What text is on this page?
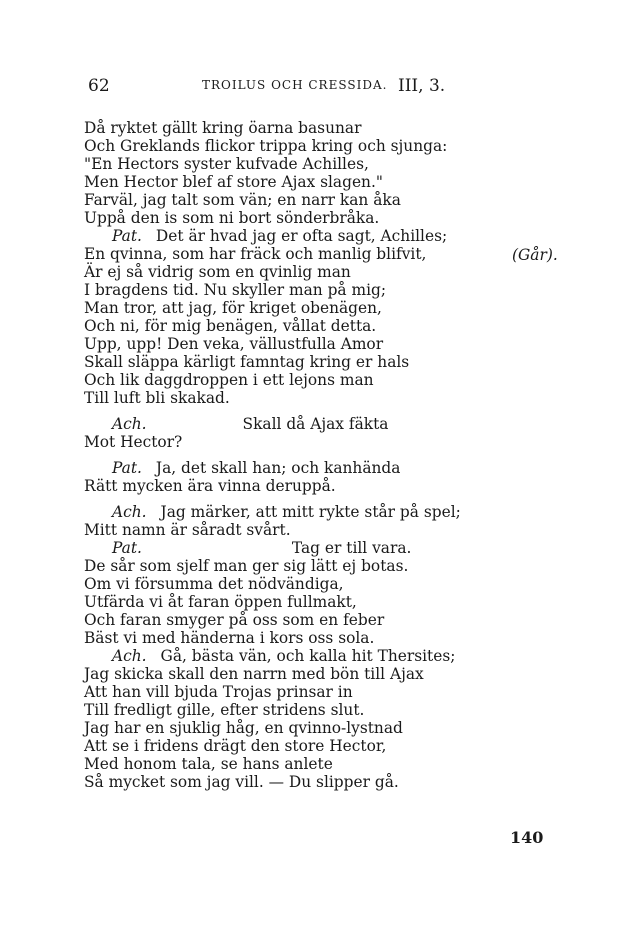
62	TROILUS OCH CRESSIDA. III, 3.
Då ryktet gällt kring öarna basunar
Och Greklands flickor trippa kring och sjunga:
"En Hectors syster kufvade Achilles,
Men Hector blef af store Ajax slagen."
Farväl, jag talt som vän; en narr kan åka
Uppå den is som ni bort sönderbråka.
Pat. Det är hvad jag er ofta sagt, Achilles;
En qvinna, som har fräck och manlig blifvit,
Är ej så vidrig som en qvinlig man
I bragdens tid. Nu skyller man på mig;
Man tror, att jag, för kriget obenägen,
Och ni, för mig benägen, vållat detta.
Upp, upp! Den veka, vällustfulla Amor
Skall släppa kärligt famntag kring er hals
Och lik daggdroppen i ett lejons man
Till luft bli skakad.
Ach.	Skall då Ajax fäkta
Mot Hector?
Pat. Ja, det skall han; och kanhända
Rätt mycken ära vinna deruppå.
Ach. Jag märker, att mitt rykte står på spel;
Mitt namn är såradt svårt.
Pat.	Tag er till vara.
De sår som sjelf man ger sig lätt ej botas.
Om vi försumma det nödvändiga,
Utfärda vi åt faran öppen fullmakt,
Och faran smyger på oss som en feber
Bäst vi med händerna i kors oss sola.
Ach. Gå, bästa vän, och kalla hit Thersites;
Jag skicka skall den narrn med bön till Ajax
Att han vill bjuda Trojas prinsar in
Till fredligt gille, efter stridens slut.
Jag har en sjuklig håg, en qvinno-lystnad
Att se i fridens drägt den store Hector,
Med honom tala, se hans anlete
Så mycket som jag vill. — Du slipper gå.
(Går).
140
